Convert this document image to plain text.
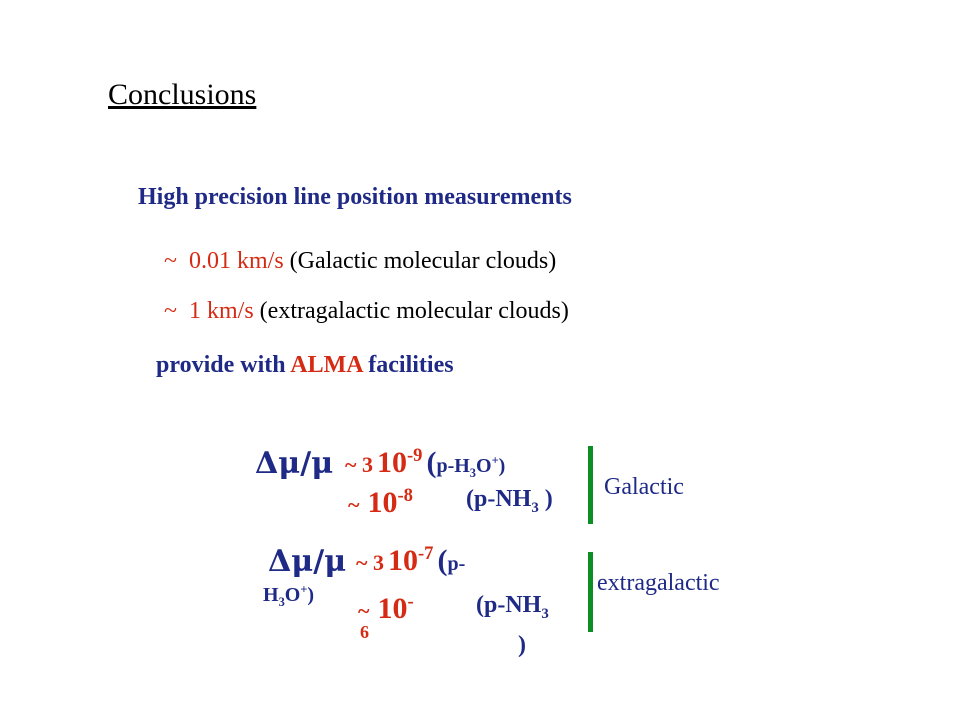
Conclusions
High precision line position measurements
~ 0.01 km/s (Galactic molecular clouds)
~ 1 km/s (extragalactic molecular clouds)
provide with ALMA facilities
Δμ/μ ~ 3 $10^{-9}$ $(p-H_3O^+)$
~ $10^{-8}$ ($p-NH_3$ ) Galactic
Δμ/μ
$H_3O^+$)
~ 3 $10^{-7}$ (p-
~ 10-
6
($p-NH_3$
)
extragalactic
